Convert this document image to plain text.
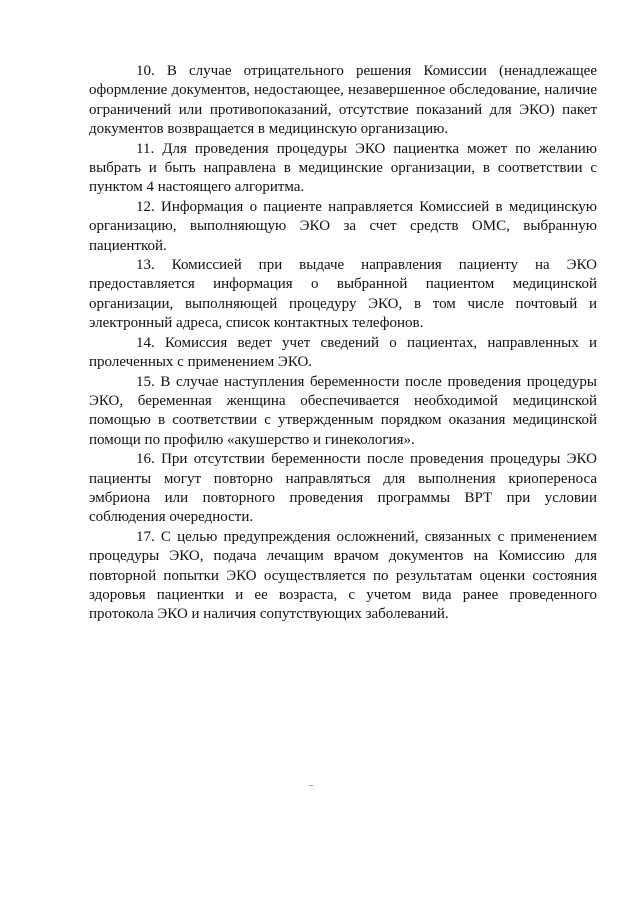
10. В случае отрицательного решения Комиссии (ненадлежащее оформление документов, недостающее, незавершенное обследование, наличие ограничений или противопоказаний, отсутствие показаний для ЭКО) пакет документов возвращается в медицинскую организацию.

11. Для проведения процедуры ЭКО пациентка может по желанию выбрать и быть направлена в медицинские организации, в соответствии с пунктом 4 настоящего алгоритма.

12. Информация о пациенте направляется Комиссией в медицинскую организацию, выполняющую ЭКО за счет средств ОМС, выбранную пациенткой.

13. Комиссией при выдаче направления пациенту на ЭКО предоставляется информация о выбранной пациентом медицинской организации, выполняющей процедуру ЭКО, в том числе почтовый и электронный адреса, список контактных телефонов.

14. Комиссия ведет учет сведений о пациентах, направленных и пролеченных с применением ЭКО.

15. В случае наступления беременности после проведения процедуры ЭКО, беременная женщина обеспечивается необходимой медицинской помощью в соответствии с утвержденным порядком оказания медицинской помощи по профилю «акушерство и гинекология».

16. При отсутствии беременности после проведения процедуры ЭКО пациенты могут повторно направляться для выполнения криопереноса эмбриона или повторного проведения программы ВРТ при условии соблюдения очередности.

17. С целью предупреждения осложнений, связанных с применением процедуры ЭКО, подача лечащим врачом документов на Комиссию для повторной попытки ЭКО осуществляется по результатам оценки состояния здоровья пациентки и ее возраста, с учетом вида ранее проведенного протокола ЭКО и наличия сопутствующих заболеваний.
